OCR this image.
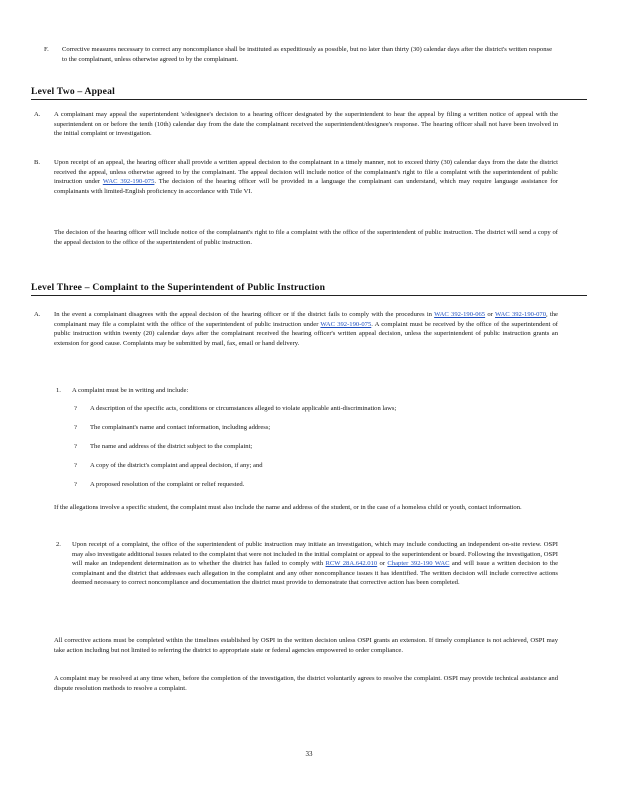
F. Corrective measures necessary to correct any noncompliance shall be instituted as expeditiously as possible, but no later than thirty (30) calendar days after the district's written response to the complainant, unless otherwise agreed to by the complainant.

Level Two – Appeal
A. A complainant may appeal the superintendent 's/designee's decision to a hearing officer designated by the superintendent to hear the appeal by filing a written notice of appeal with the superintendent on or before the tenth (10th) calendar day from the date the complainant received the superintendent/designee's response. The hearing officer shall not have been involved in the initial complaint or investigation.

B. Upon receipt of an appeal, the hearing officer shall provide a written appeal decision to the complainant in a timely manner, not to exceed thirty (30) calendar days from the date the district received the appeal, unless otherwise agreed to by the complainant. The appeal decision will include notice of the complainant's right to file a complaint with the superintendent of public instruction under WAC 392-190-075. The decision of the hearing officer will be provided in a language the complainant can understand, which may require language assistance for complainants with limited-English proficiency in accordance with Title VI.

The decision of the hearing officer will include notice of the complainant's right to file a complaint with the office of the superintendent of public instruction. The district will send a copy of the appeal decision to the office of the superintendent of public instruction.

Level Three – Complaint to the Superintendent of Public Instruction
A. In the event a complainant disagrees with the appeal decision of the hearing officer or if the district fails to comply with the procedures in WAC 392-190-065 or WAC 392-190-070, the complainant may file a complaint with the office of the superintendent of public instruction under WAC 392-190-075. A complaint must be received by the office of the superintendent of public instruction within twenty (20) calendar days after the complainant received the hearing officer's written appeal decision, unless the superintendent of public instruction grants an extension for good cause. Complaints may be submitted by mail, fax, email or hand delivery.

1. A complaint must be in writing and include:

? A description of the specific acts, conditions or circumstances alleged to violate applicable anti-discrimination laws;

? The complainant's name and contact information, including address;

? The name and address of the district subject to the complaint;

? A copy of the district's complaint and appeal decision, if any; and

? A proposed resolution of the complaint or relief requested.

If the allegations involve a specific student, the complaint must also include the name and address of the student, or in the case of a homeless child or youth, contact information.

2. Upon receipt of a complaint, the office of the superintendent of public instruction may initiate an investigation, which may include conducting an independent on-site review. OSPI may also investigate additional issues related to the complaint that were not included in the initial complaint or appeal to the superintendent or board. Following the investigation, OSPI will make an independent determination as to whether the district has failed to comply with RCW 28A.642.010 or Chapter 392-190 WAC and will issue a written decision to the complainant and the district that addresses each allegation in the complaint and any other noncompliance issues it has identified. The written decision will include corrective actions deemed necessary to correct noncompliance and documentation the district must provide to demonstrate that corrective action has been completed.

All corrective actions must be completed within the timelines established by OSPI in the written decision unless OSPI grants an extension. If timely compliance is not achieved, OSPI may take action including but not limited to referring the district to appropriate state or federal agencies empowered to order compliance.

A complaint may be resolved at any time when, before the completion of the investigation, the district voluntarily agrees to resolve the complaint. OSPI may provide technical assistance and dispute resolution methods to resolve a complaint.

33
